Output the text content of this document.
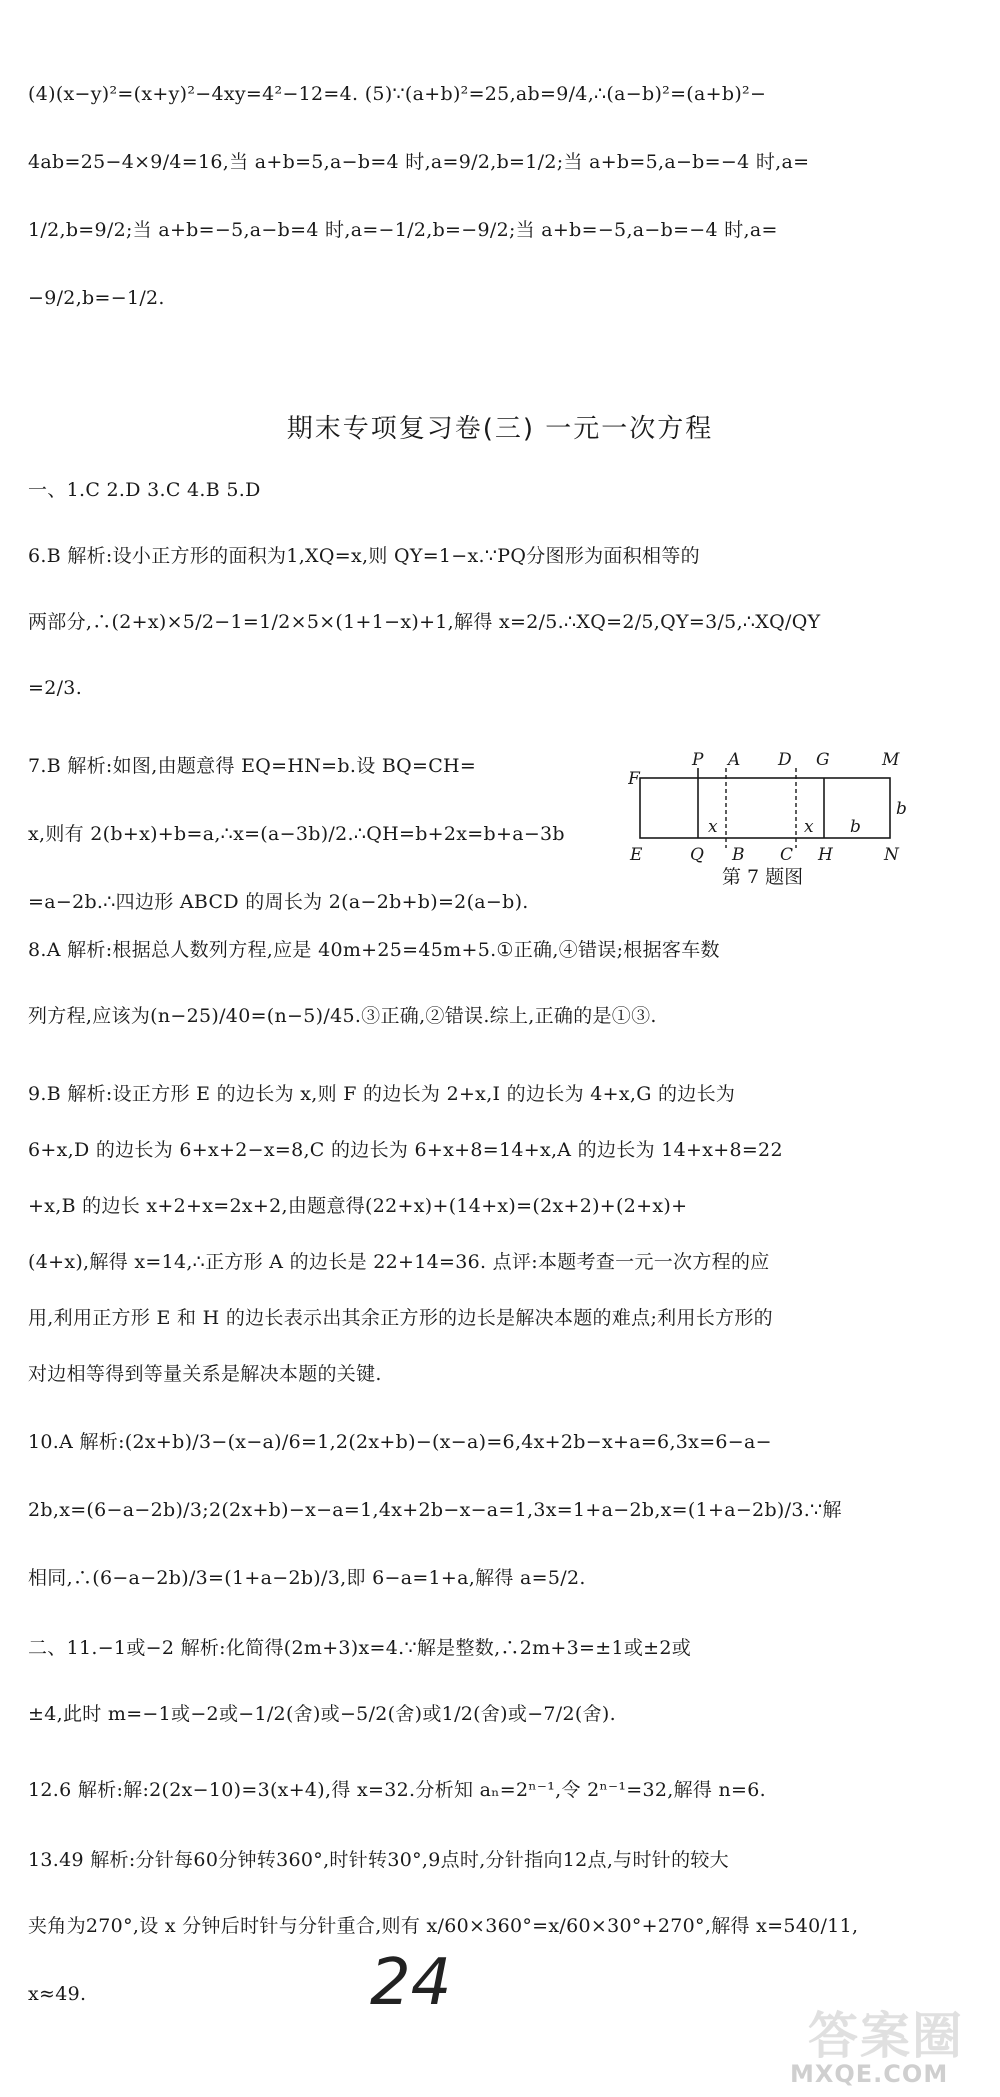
(4)(x−y)²=(x+y)²−4xy=4²−12=4. (5)∵(a+b)²=25,ab=9/4,∴(a−b)²=(a+b)²−
4ab=25−4×9/4=16,当 a+b=5,a−b=4 时,a=9/2,b=1/2;当 a+b=5,a−b=−4 时,a=
1/2,b=9/2;当 a+b=−5,a−b=4 时,a=−1/2,b=−9/2;当 a+b=−5,a−b=−4 时,a=
−9/2,b=−1/2.
期末专项复习卷(三) 一元一次方程
一、1.C 2.D 3.C 4.B 5.D
6.B 解析:设小正方形的面积为1,XQ=x,则 QY=1−x.∵PQ分图形为面积相等的
两部分,∴(2+x)×5/2−1=1/2×5×(1+1−x)+1,解得 x=2/5.∴XQ=2/5,QY=3/5,∴XQ/QY
=2/3.
7.B 解析:如图,由题意得 EQ=HN=b.设 BQ=CH=
x,则有 2(b+x)+b=a,∴x=(a−3b)/2.∴QH=b+2x=b+a−3b
=a−2b.∴四边形 ABCD 的周长为 2(a−2b+b)=2(a−b).
F
P A D G	M
b
x	x b
E	Q B C H	N
第 7 题图
8.A 解析:根据总人数列方程,应是 40m+25=45m+5.①正确,④错误;根据客车数
列方程,应该为(n−25)/40=(n−5)/45.③正确,②错误.综上,正确的是①③.
9.B 解析:设正方形 E 的边长为 x,则 F 的边长为 2+x,I 的边长为 4+x,G 的边长为
6+x,D 的边长为 6+x+2−x=8,C 的边长为 6+x+8=14+x,A 的边长为 14+x+8=22
+x,B 的边长 x+2+x=2x+2,由题意得(22+x)+(14+x)=(2x+2)+(2+x)+
(4+x),解得 x=14,∴正方形 A 的边长是 22+14=36. 点评:本题考查一元一次方程的应
用,利用正方形 E 和 H 的边长表示出其余正方形的边长是解决本题的难点;利用长方形的
对边相等得到等量关系是解决本题的关键.
10.A 解析:(2x+b)/3−(x−a)/6=1,2(2x+b)−(x−a)=6,4x+2b−x+a=6,3x=6−a−
2b,x=(6−a−2b)/3;2(2x+b)−x−a=1,4x+2b−x−a=1,3x=1+a−2b,x=(1+a−2b)/3.∵解
相同,∴(6−a−2b)/3=(1+a−2b)/3,即 6−a=1+a,解得 a=5/2.
二、11.−1或−2 解析:化简得(2m+3)x=4.∵解是整数,∴2m+3=±1或±2或
±4,此时 m=−1或−2或−1/2(舍)或−5/2(舍)或1/2(舍)或−7/2(舍).
12.6 解析:解:2(2x−10)=3(x+4),得 x=32.分析知 aₙ=2ⁿ⁻¹,令 2ⁿ⁻¹=32,解得 n=6.
13.49 解析:分针每60分钟转360°,时针转30°,9点时,分针指向12点,与时针的较大
夹角为270°,设 x 分钟后时针与分针重合,则有 x/60×360°=x/60×30°+270°,解得 x=540/11,
x≈49.	24
答案圈
MXQE.COM
